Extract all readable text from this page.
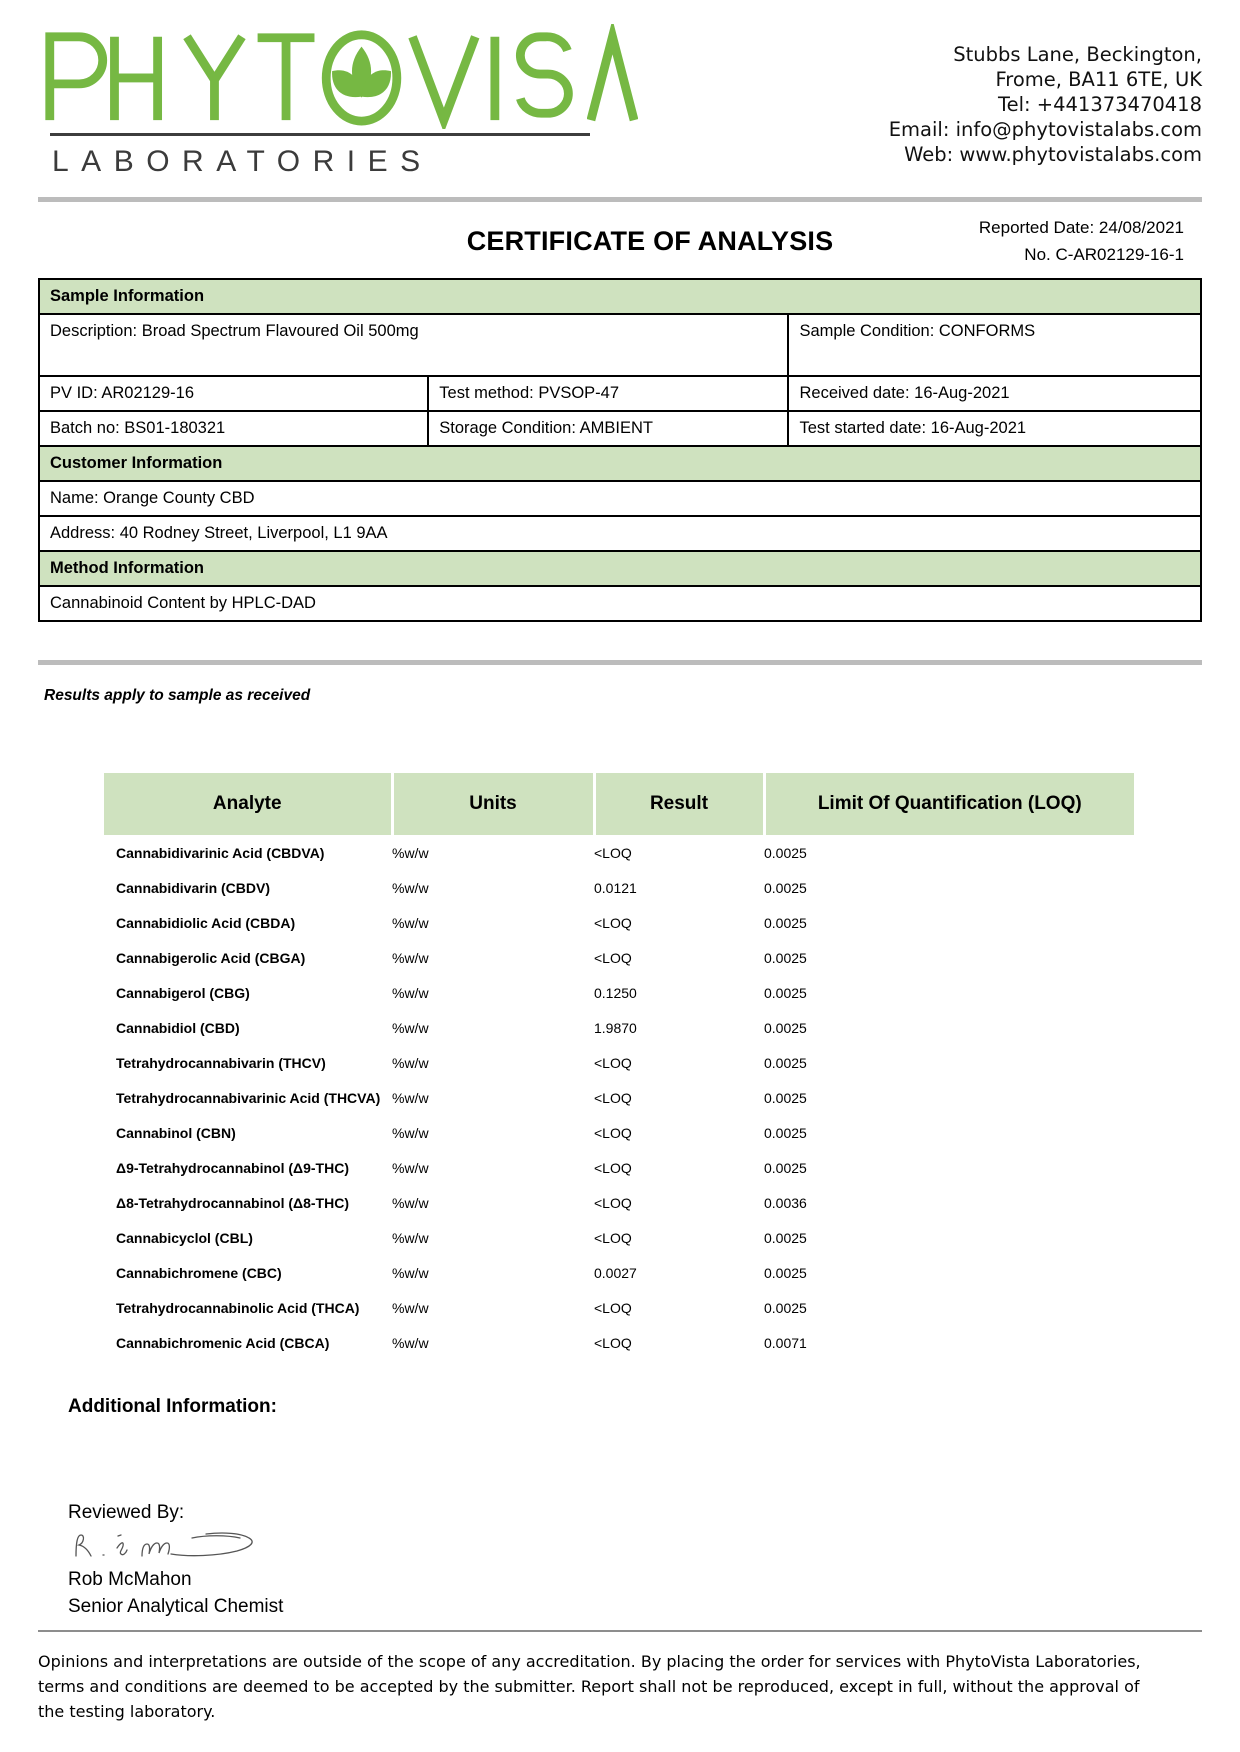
LABORATORIES
Stubbs Lane, Beckington,
Frome, BA11 6TE, UK
Tel: +441373470418
Email: info@phytovistalabs.com
Web: www.phytovistalabs.com
CERTIFICATE OF ANALYSIS	Reported Date: 24/08/2021
No. C-AR02129-16-1
Sample Information		
Description: Broad Spectrum Flavoured Oil 500mg		Sample Condition: CONFORMS
PV ID: AR02129-16	Test method: PVSOP-47	Received date: 16-Aug-2021
Batch no: BS01-180321	Storage Condition: AMBIENT	Test started date: 16-Aug-2021
Customer Information		
Name: Orange County CBD		
Address: 40 Rodney Street, Liverpool, L1 9AA		
Method Information		
Cannabinoid Content by HPLC-DAD		
Results apply to sample as received
Analyte	Units	Result	Limit Of Quantification (LOQ)
Cannabidivarinic Acid (CBDVA)	%w/w	<LOQ	0.0025
Cannabidivarin (CBDV)	%w/w	0.0121	0.0025
Cannabidiolic Acid (CBDA)	%w/w	<LOQ	0.0025
Cannabigerolic Acid (CBGA)	%w/w	<LOQ	0.0025
Cannabigerol (CBG)	%w/w	0.1250	0.0025
Cannabidiol (CBD)	%w/w	1.9870	0.0025
Tetrahydrocannabivarin (THCV)	%w/w	<LOQ	0.0025
Tetrahydrocannabivarinic Acid (THCVA)	%w/w	<LOQ	0.0025
Cannabinol (CBN)	%w/w	<LOQ	0.0025
Δ9-Tetrahydrocannabinol (Δ9-THC)	%w/w	<LOQ	0.0025
Δ8-Tetrahydrocannabinol (Δ8-THC)	%w/w	<LOQ	0.0036
Cannabicyclol (CBL)	%w/w	<LOQ	0.0025
Cannabichromene (CBC)	%w/w	0.0027	0.0025
Tetrahydrocannabinolic Acid (THCA)	%w/w	<LOQ	0.0025
Cannabichromenic Acid (CBCA)	%w/w	<LOQ	0.0071
Additional Information:
Reviewed By:
Rob McMahon
Senior Analytical Chemist
Opinions and interpretations are outside of the scope of any accreditation. By placing the order for services with PhytoVista Laboratories,
terms and conditions are deemed to be accepted by the submitter. Report shall not be reproduced, except in full, without the approval of
the testing laboratory.
